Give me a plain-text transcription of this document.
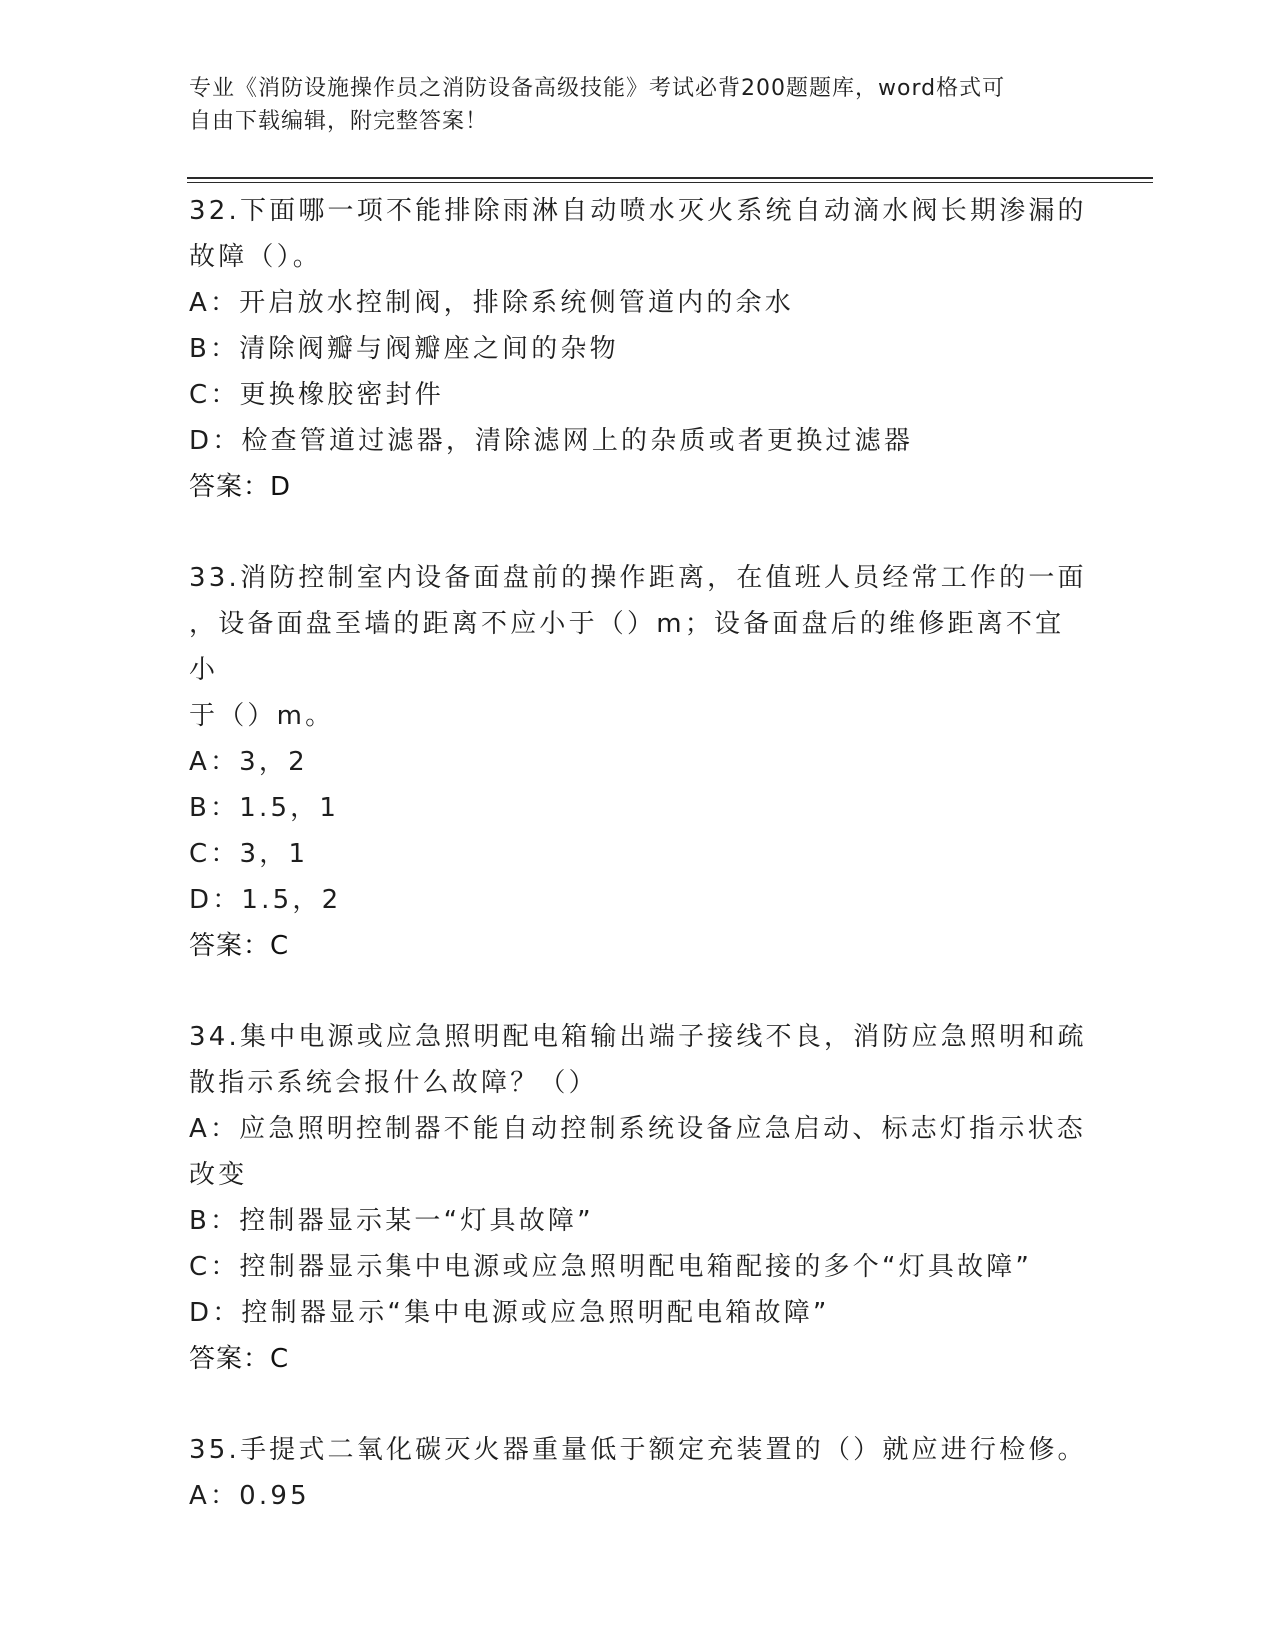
专业《消防设施操作员之消防设备高级技能》考试必背200题题库，word格式可
自由下载编辑，附完整答案！

32.下面哪一项不能排除雨淋自动喷水灭火系统自动滴水阀长期渗漏的

故障（）。

A：开启放水控制阀，排除系统侧管道内的余水

B：清除阀瓣与阀瓣座之间的杂物

C：更换橡胶密封件

D：检查管道过滤器，清除滤网上的杂质或者更换过滤器

答案：D

33.消防控制室内设备面盘前的操作距离，在值班人员经常工作的一面

，设备面盘至墙的距离不应小于（）m；设备面盘后的维修距离不宜小

于（）m。

A：3，2

B：1.5，1

C：3，1

D：1.5，2

答案：C

34.集中电源或应急照明配电箱输出端子接线不良，消防应急照明和疏

散指示系统会报什么故障？（）

A：应急照明控制器不能自动控制系统设备应急启动、标志灯指示状态

改变

B：控制器显示某一“灯具故障”

C：控制器显示集中电源或应急照明配电箱配接的多个“灯具故障”

D：控制器显示“集中电源或应急照明配电箱故障”

答案：C

35.手提式二氧化碳灭火器重量低于额定充装置的（）就应进行检修。

A：0.95
